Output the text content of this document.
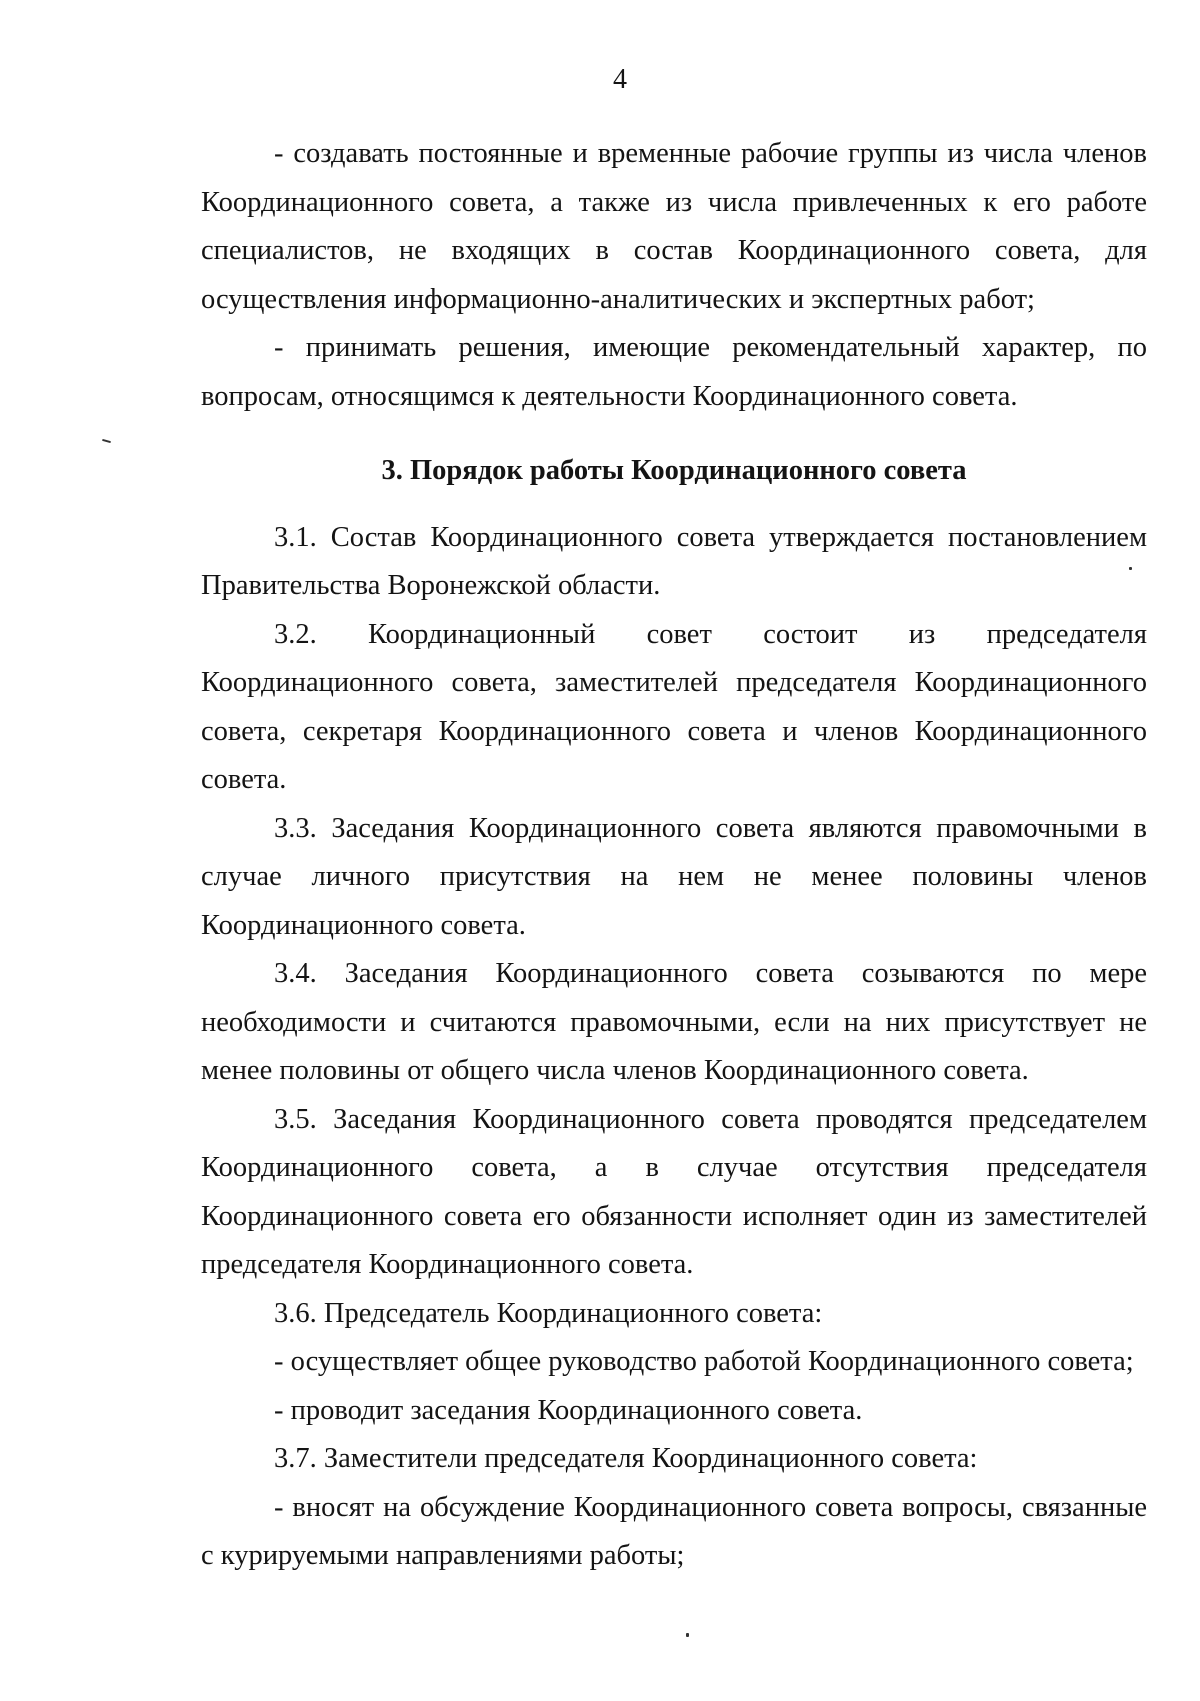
4

- создавать постоянные и временные рабочие группы из числа членов Координационного совета, а также из числа привлеченных к его работе специалистов, не входящих в состав Координационного совета, для осуществления информационно-аналитических и экспертных работ;

- принимать решения, имеющие рекомендательный характер, по вопросам, относящимся к деятельности Координационного совета.

3. Порядок работы Координационного совета

3.1. Состав Координационного совета утверждается постановлением Правительства Воронежской области.

3.2. Координационный совет состоит из председателя Координационного совета, заместителей председателя Координационного совета, секретаря Координационного совета и членов Координационного совета.

3.3. Заседания Координационного совета являются правомочными в случае личного присутствия на нем не менее половины членов Координационного совета.

3.4. Заседания Координационного совета созываются по мере необходимости и считаются правомочными, если на них присутствует не менее половины от общего числа членов Координационного совета.

3.5. Заседания Координационного совета проводятся председателем Координационного совета, а в случае отсутствия председателя Координационного совета его обязанности исполняет один из заместителей председателя Координационного совета.

3.6. Председатель Координационного совета:

- осуществляет общее руководство работой Координационного совета;

- проводит заседания Координационного совета.

3.7. Заместители председателя Координационного совета:

- вносят на обсуждение Координационного совета вопросы, связанные с курируемыми направлениями работы;
